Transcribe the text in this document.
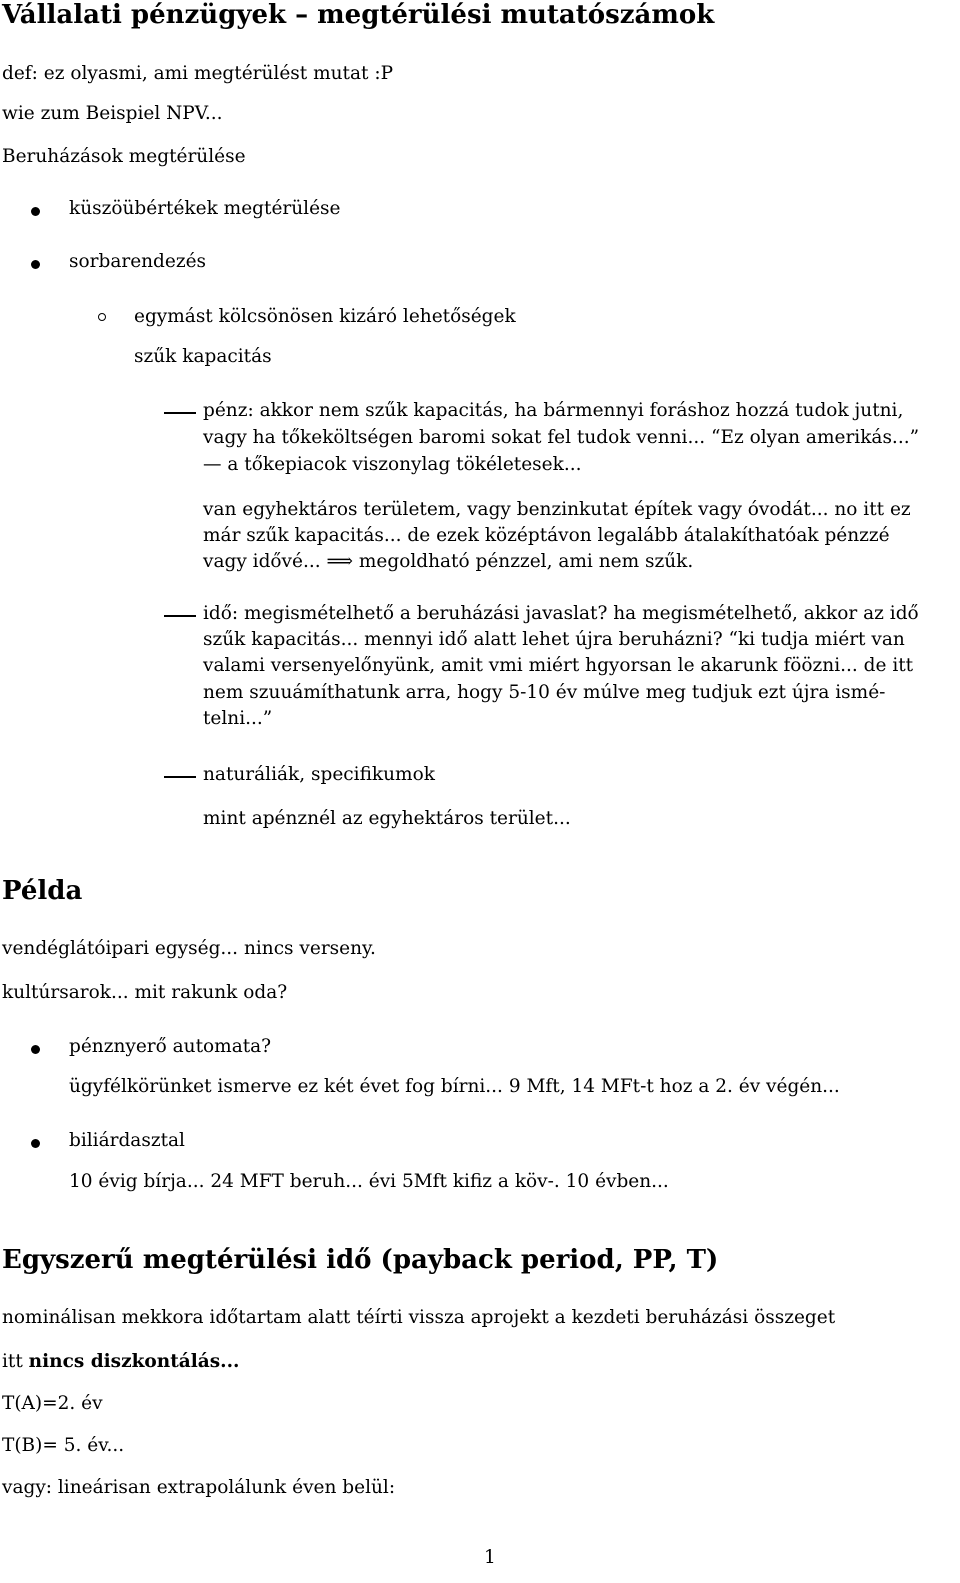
Vállalati pénzügyek – megtérülési mutatószámok
def: ez olyasmi, ami megtérülést mutat :P
wie zum Beispiel NPV...
Beruházások megtérülése
küszöübértékek megtérülése
sorbarendezés
egymást kölcsönösen kizáró lehetőségek
szűk kapacitás
pénz: akkor nem szűk kapacitás, ha bármennyi foráshoz hozzá tudok jutni,
vagy ha tőkeköltségen baromi sokat fel tudok venni... “Ez olyan amerikás...”
— a tőkepiacok viszonylag tökéletesek...
van egyhektáros területem, vagy benzinkutat építek vagy óvodát... no itt ez
már szűk kapacitás... de ezek középtávon legalább átalakíthatóak pénzzé
vagy idővé... ⟹ megoldható pénzzel, ami nem szűk.
idő: megismételhető a beruházási javaslat? ha megismételhető, akkor az idő
szűk kapacitás... mennyi idő alatt lehet újra beruházni? “ki tudja miért van
valami versenyelőnyünk, amit vmi miért hgyorsan le akarunk föözni... de itt
nem szuuámíthatunk arra, hogy 5-10 év múlve meg tudjuk ezt újra ismé-
telni...”
naturáliák, specifikumok
mint apénznél az egyhektáros terület...
Példa
vendéglátóipari egység... nincs verseny.
kultúrsarok... mit rakunk oda?
pénznyerő automata?
ügyfélkörünket ismerve ez két évet fog bírni... 9 Mft, 14 MFt-t hoz a 2. év végén...
biliárdasztal
10 évig bírja... 24 MFT beruh... évi 5Mft kifiz a köv-. 10 évben...
Egyszerű megtérülési idő (payback period, PP, T)
nominálisan mekkora időtartam alatt téírti vissza aprojekt a kezdeti beruházási összeget
itt nincs diszkontálás...
T(A)=2. év
T(B)= 5. év...
vagy: lineárisan extrapolálunk éven belül:
1
